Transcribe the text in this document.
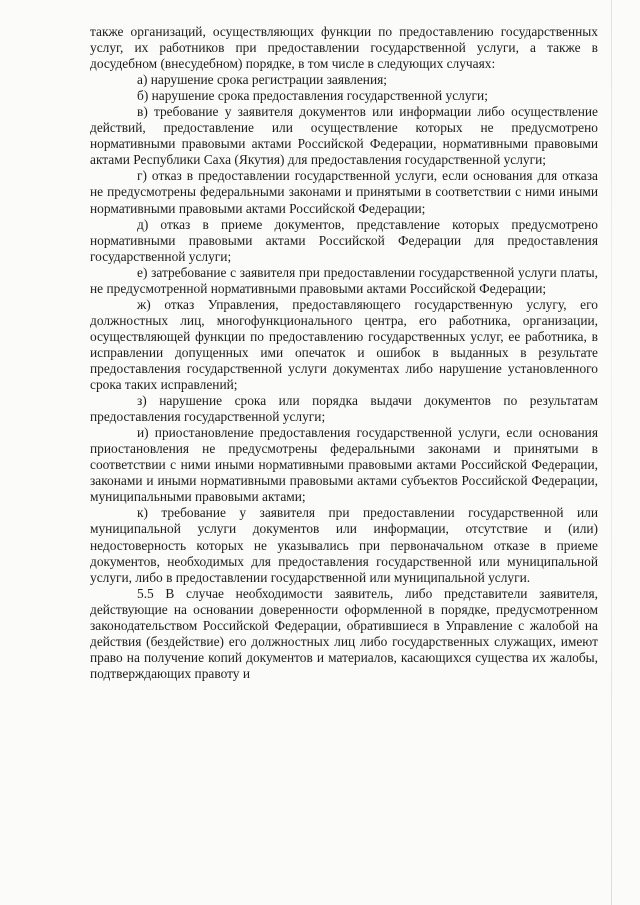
также организаций, осуществляющих функции по предоставлению государственных услуг, их работников при предоставлении государственной услуги, а также в досудебном (внесудебном) порядке, в том числе в следующих случаях:

а) нарушение срока регистрации заявления;

б) нарушение срока предоставления государственной услуги;

в) требование у заявителя документов или информации либо осуществление действий, предоставление или осуществление которых не предусмотрено нормативными правовыми актами Российской Федерации, нормативными правовыми актами Республики Саха (Якутия) для предоставления государственной услуги;

г) отказ в предоставлении государственной услуги, если основания для отказа не предусмотрены федеральными законами и принятыми в соответствии с ними иными нормативными правовыми актами Российской Федерации;

д) отказ в приеме документов, представление которых предусмотрено нормативными правовыми актами Российской Федерации для предоставления государственной услуги;

е) затребование с заявителя при предоставлении государственной услуги платы, не предусмотренной нормативными правовыми актами Российской Федерации;

ж) отказ Управления, предоставляющего государственную услугу, его должностных лиц, многофункционального центра, его работника, организации, осуществляющей функции по предоставлению государственных услуг, ее работника, в исправлении допущенных ими опечаток и ошибок в выданных в результате предоставления государственной услуги документах либо нарушение установленного срока таких исправлений;

з) нарушение срока или порядка выдачи документов по результатам предоставления государственной услуги;

и) приостановление предоставления государственной услуги, если основания приостановления не предусмотрены федеральными законами и принятыми в соответствии с ними иными нормативными правовыми актами Российской Федерации, законами и иными нормативными правовыми актами субъектов Российской Федерации, муниципальными правовыми актами;

к) требование у заявителя при предоставлении государственной или муниципальной услуги документов или информации, отсутствие и (или) недостоверность которых не указывались при первоначальном отказе в приеме документов, необходимых для предоставления государственной или муниципальной услуги, либо в предоставлении государственной или муниципальной услуги.

5.5 В случае необходимости заявитель, либо представители заявителя, действующие на основании доверенности оформленной в порядке, предусмотренном законодательством Российской Федерации, обратившиеся в Управление с жалобой на действия (бездействие) его должностных лиц либо государственных служащих, имеют право на получение копий документов и материалов, касающихся существа их жалобы, подтверждающих правоту и
